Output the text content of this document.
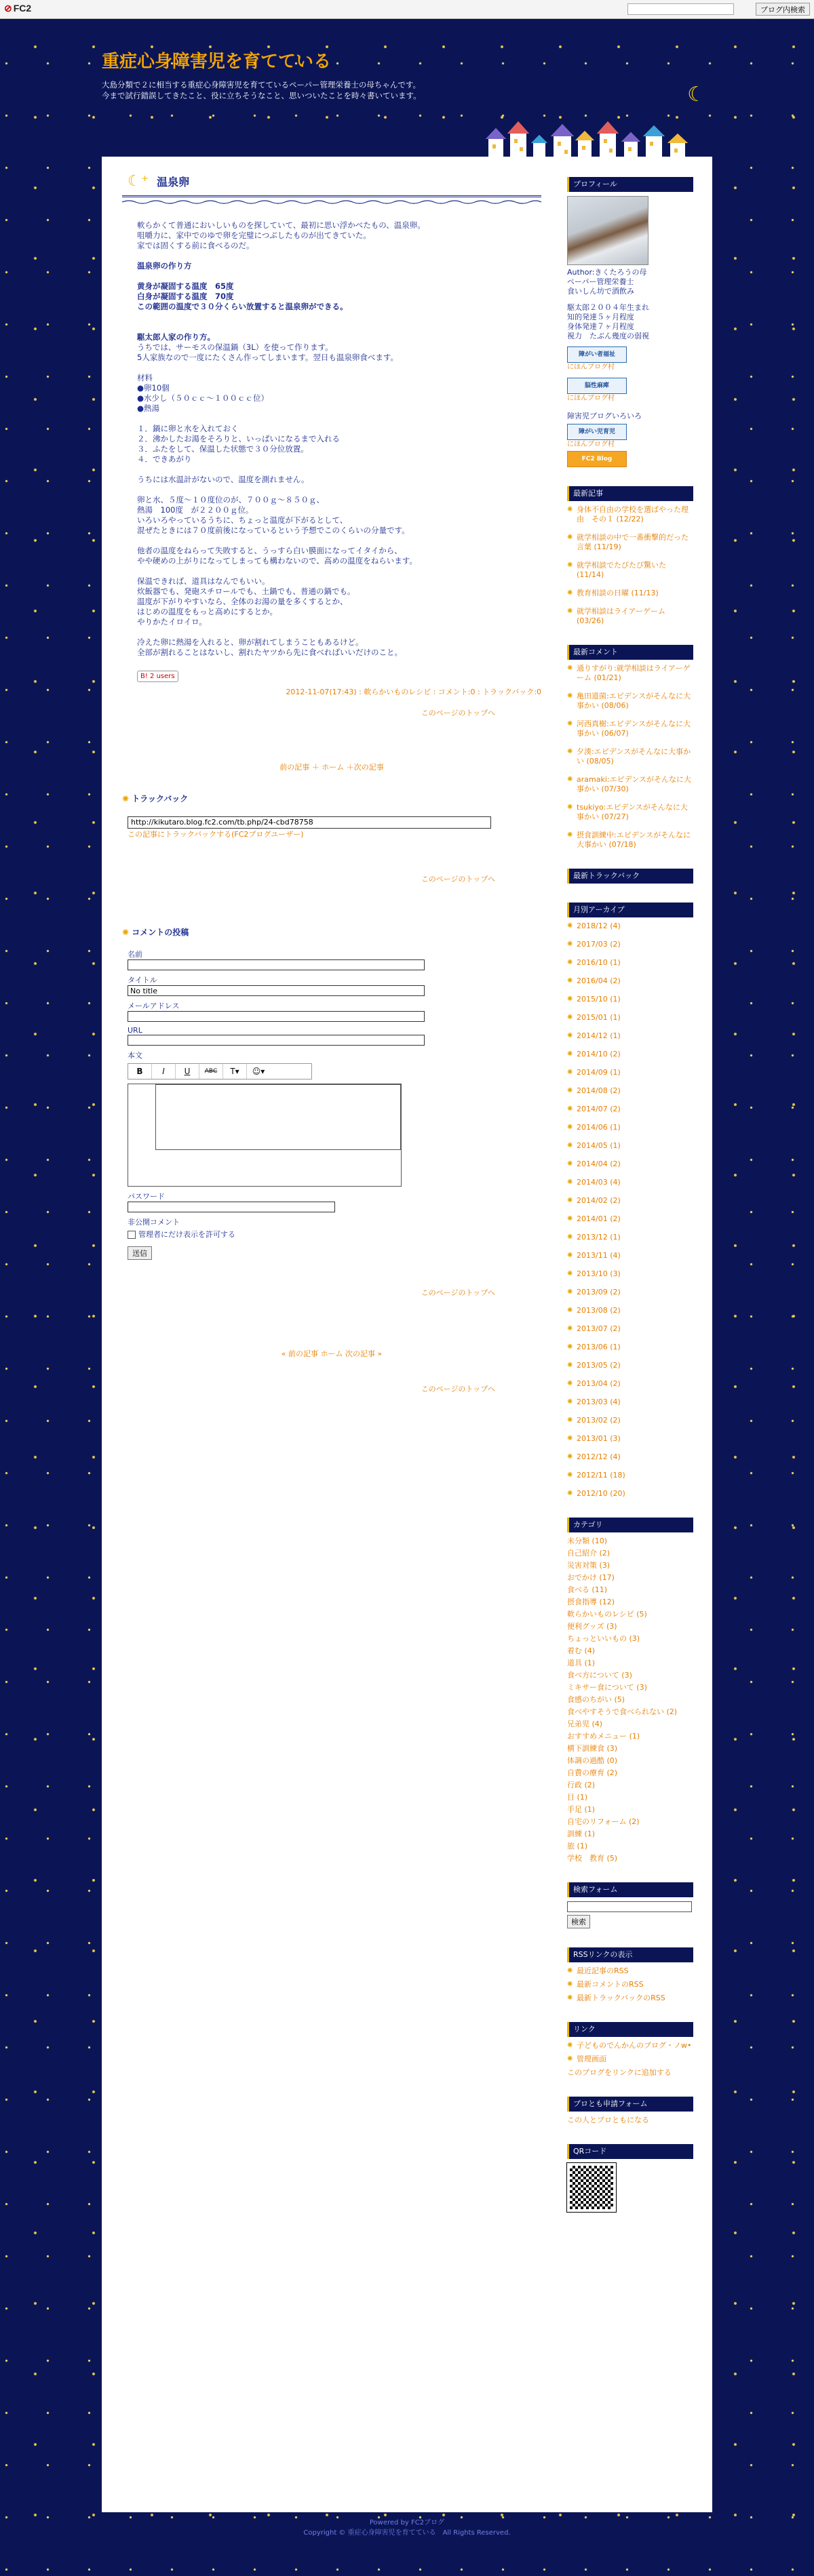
⊘ FC2	ブログ内検索
重症心身障害児を育てている
大島分類で２に相当する重症心身障害児を育てているペーパー管理栄養士の母ちゃんです。
今まで試行錯誤してきたこと、役に立ちそうなこと、思いついたことを時々書いています。	☾
☾⁺ 温泉卵

軟らかくて普通においしいものを探していて、最初に思い浮かべたもの、温泉卵。
咀嚼力に、家中でのゆで卵を完璧につぶしたものが出てきていた。
家では固くする前に食べるのだ。

温泉卵の作り方

黄身が凝固する温度　65度
白身が凝固する温度　70度
この範囲の温度で３０分くらい放置すると温泉卵ができる。

駆太郎人家の作り方。
うちでは、サーモスの保温鍋（3L）を使って作ります。
5人家族なので一度にたくさん作ってしまいます。翌日も温泉卵食べます。

材料
●卵10個
●水少し（５０ｃｃ～１００ｃｃ位）
●熱湯

１．鍋に卵と水を入れておく
２．沸かしたお湯をそろりと、いっぱいになるまで入れる
３．ふたをして、保温した状態で３０分位放置。
４．できあがり

うちには水温計がないので、温度を測れません。

卵と水、５度～１０度位のが、７００ｇ～８５０ｇ、
熱湯　100度　が２２００ｇ位。
いろいろやっているうちに、ちょっと温度が下がるとして、
混ぜたときには７０度前後になっているという予想でこのくらいの分量です。

他者の温度をねらって失敗すると、うっすら白い膜面になってイタイから、
やや硬めの上がりになってしまっても構わないので、高めの温度をねらいます。

保温できれば、道具はなんでもいい。
炊飯器でも、発砲スチロールでも、土鍋でも、普通の鍋でも。
温度が下がりやすいなら、全体のお湯の量を多くするとか、
はじめの温度をもっと高めにするとか。
やりかたイロイロ。

冷えた卵に熱湯を入れると、卵が割れてしまうこともあるけど。
全部が割れることはないし、割れたヤツから先に食べればいいだけのこと。

B! 2 users
2012-11-07(17:43) : 軟らかいものレシピ : コメント:0 : トラックバック:0
このページのトップへ
前の記事 ＋ ホーム ＋次の記事
✺ トラックバック
http://kikutaro.blog.fc2.com/tb.php/24-cbd78758
この記事にトラックバックする(FC2ブログユーザー)
このページのトップへ
✺ コメントの投稿
名前
タイトル
No title
メールアドレス
URL
本文
B	I	U	ABC	T▾	☺▾
パスワード
非公開コメント
管理者にだけ表示を許可する
送信
このページのトップへ
« 前の記事 ホーム 次の記事 »
このページのトップへ
プロフィール
Author:きくたろうの母
ペーパー管理栄養士
食いしん坊で酒飲み
駆太郎２００４年生まれ
知的発達５ヶ月程度
身体発達７ヶ月程度
視力　たぶん幾度の弱視
障がい者福祉
にほんブログ村
脳性麻痺
にほんブログ村
障害児ブログいろいろ
障がい児育児
にほんブログ村
FC2 Blog Ranking
最新記事
✺ 身体不自由の学校を選ばやった理由　その１ (12/22)
✺ 就学相談の中で一番衝撃的だった言葉 (11/19)
✺ 就学相談でたびたび驚いた (11/14)
✺ 教育相談の日曜 (11/13)
✺ 就学相談はライアーゲーム (03/26)
最新コメント
✺ 通りすがり:就学相談はライアーゲーム (01/21)
✺ 亀田道菌:エピデンスがそんなに大事かい (08/06)
✺ 河西真樹:エピデンスがそんなに大事かい (06/07)
✺ 夕湊:エピデンスがそんなに大事かい (08/05)
✺ aramaki:エピデンスがそんなに大事かい (07/30)
✺ tsukiyo:エピデンスがそんなに大事かい (07/27)
✺ 摂食訓練中:エピデンスがそんなに大事かい (07/18)
最新トラックバック
月別アーカイブ
✺ 2018/12 (4)
✺ 2017/03 (2)
✺ 2016/10 (1)
✺ 2016/04 (2)
✺ 2015/10 (1)
✺ 2015/01 (1)
✺ 2014/12 (1)
✺ 2014/10 (2)
✺ 2014/09 (1)
✺ 2014/08 (2)
✺ 2014/07 (2)
✺ 2014/06 (1)
✺ 2014/05 (1)
✺ 2014/04 (2)
✺ 2014/03 (4)
✺ 2014/02 (2)
✺ 2014/01 (2)
✺ 2013/12 (1)
✺ 2013/11 (4)
✺ 2013/10 (3)
✺ 2013/09 (2)
✺ 2013/08 (2)
✺ 2013/07 (2)
✺ 2013/06 (1)
✺ 2013/05 (2)
✺ 2013/04 (2)
✺ 2013/03 (4)
✺ 2013/02 (2)
✺ 2013/01 (3)
✺ 2012/12 (4)
✺ 2012/11 (18)
✺ 2012/10 (20)
カテゴリ
未分類 (10)
自己紹介 (2)
災害対策 (3)
おでかけ (17)
食べる (11)
摂食指導 (12)
軟らかいものレシピ (5)
便利グッズ (3)
ちょっといいもの (3)
着む (4)
道具 (1)
食べ方について (3)
ミキサー食について (3)
食感のちがい (5)
食べやすそうで食べられない (2)
兄弟児 (4)
おすすめメニュー (1)
横下訓練食 (3)
体調の過酷 (0)
自費の療育 (2)
行政 (2)
目 (1)
手足 (1)
自宅のリフォーム (2)
訓練 (1)
旅 (1)
学校　教育 (5)
検索フォーム
検索
RSSリンクの表示
✺ 最近記事のRSS
✺ 最新コメントのRSS
✺ 最新トラックバックのRSS
リンク
✺ 子どものでんかんのブログ・ノw•
✺ 管理画面
このブログをリンクに追加する
ブロとも申請フォーム
この人とブロともになる
QRコード
Powered by FC2ブログ
Copyright © 重症心身障害児を育てている　All Rights Reserved.
